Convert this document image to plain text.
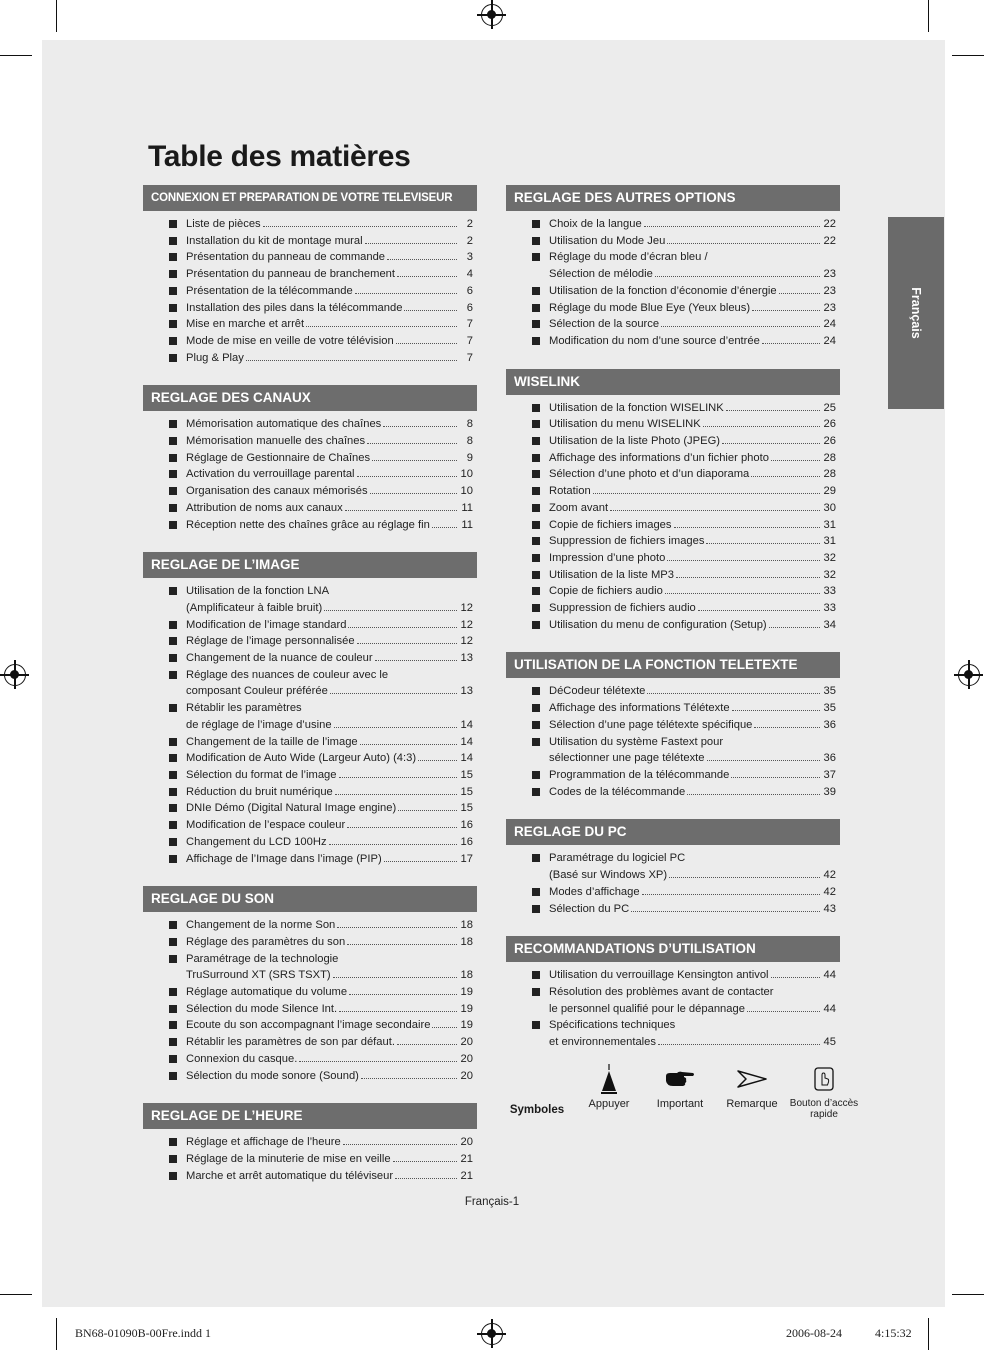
Table des matières
Français
CONNEXION ET PREPARATION DE VOTRE TELEVISEUR
Liste de pièces	2
Installation du kit de montage mural	2
Présentation du panneau de commande	3
Présentation du panneau de branchement	4
Présentation de la télécommande	6
Installation des piles dans la télécommande	6
Mise en marche et arrêt	7
Mode de mise en veille de votre télévision	7
Plug & Play	7
REGLAGE DES CANAUX
Mémorisation automatique des chaînes	8
Mémorisation manuelle des chaînes	8
Réglage de Gestionnaire de Chaînes	9
Activation du verrouillage parental	10
Organisation des canaux mémorisés	10
Attribution de noms aux canaux	11
Réception nette des chaînes grâce au réglage fin	11
REGLAGE DE L’IMAGE
Utilisation de la fonction LNA
(Amplificateur à faible bruit)	12
Modification de l’image standard	12
Réglage de l’image personnalisée	12
Changement de la nuance de couleur	13
Réglage des nuances de couleur avec le
composant Couleur préférée	13
Rétablir les paramètres
de réglage de l’image d’usine	14
Changement de la taille de l’image	14
Modification de Auto Wide (Largeur Auto) (4:3)	14
Sélection du format de l’image	15
Réduction du bruit numérique	15
DNIe Démo (Digital Natural Image engine)	15
Modification de l’espace couleur	16
Changement du LCD 100Hz	16
Affichage de l’Image dans l’image (PIP)	17
REGLAGE DU SON
Changement de la norme Son	18
Réglage des paramètres du son	18
Paramétrage de la technologie
TruSurround XT (SRS TSXT)	18
Réglage automatique du volume	19
Sélection du mode Silence Int.	19
Ecoute du son accompagnant l’image secondaire	19
Rétablir les paramètres de son par défaut.	20
Connexion du casque.	20
Sélection du mode sonore (Sound)	20
REGLAGE DE L’HEURE
Réglage et affichage de l’heure	20
Réglage de la minuterie de mise en veille	21
Marche et arrêt automatique du téléviseur	21
REGLAGE DES AUTRES OPTIONS
Choix de la langue	22
Utilisation du Mode Jeu	22
Réglage du mode d’écran bleu /
Sélection de mélodie	23
Utilisation de la fonction d’économie d’énergie	23
Réglage du mode Blue Eye (Yeux bleus)	23
Sélection de la source	24
Modification du nom d’une source d’entrée	24
WISELINK
Utilisation de la fonction WISELINK	25
Utilisation du menu WISELINK	26
Utilisation de la liste Photo (JPEG)	26
Affichage des informations d’un fichier photo	28
Sélection d’une photo et d’un diaporama	28
Rotation	29
Zoom avant	30
Copie de fichiers images	31
Suppression de fichiers images	31
Impression d’une photo	32
Utilisation de la liste MP3	32
Copie de fichiers audio	33
Suppression de fichiers audio	33
Utilisation du menu de configuration (Setup)	34
UTILISATION DE LA FONCTION TELETEXTE
DéCodeur télétexte	35
Affichage des informations Télétexte	35
Sélection d’une page télétexte spécifique	36
Utilisation du système Fastext pour
sélectionner une page télétexte	36
Programmation de la télécommande	37
Codes de la télécommande	39
REGLAGE DU PC
Paramétrage du logiciel PC
(Basé sur Windows XP)	42
Modes d’affichage	42
Sélection du PC	43
RECOMMANDATIONS D’UTILISATION
Utilisation du verrouillage Kensington antivol	44
Résolution des problèmes avant de contacter
le personnel qualifié pour le dépannage	44
Spécifications techniques
et environnementales	45
Symboles	Appuyer	Important	Remarque	Bouton d’accès rapide
Français-1
BN68-01090B-00Fre.indd 1	2006-08-24	4:15:32
